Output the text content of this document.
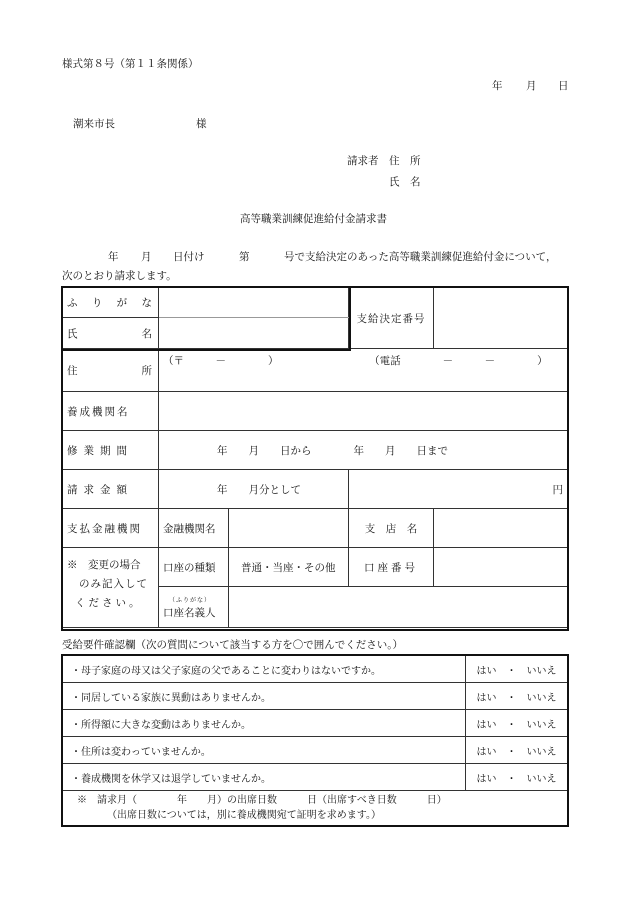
様式第８号（第１１条関係）
年 月 日
潮来市長	様
請求者 住　所
氏　名
高等職業訓練促進給付金請求書
年 月 日付け	第	号で支給決定のあった高等職業訓練促進給付金について，
次のとおり請求します。
ふ り が な			支給決定番号	

氏 名				

住 所	（〒　　　－　　　　） （電話　　　　－　　　－　　　　）			
養成機関名				
修業期間	年　　月　　日から　　　　年　　月　　日まで			
請求金額	年　　月分として		円	
支払金融機関	金融機関名		支　店　名	

※　変更の場合
のみ記入して
ください。	口座の種類	普通・当座・その他	口座番号	

	（ふりがな）
口座名義人			

受給要件確認欄（次の質問について該当する方を〇で囲んでください。）
・母子家庭の母又は父子家庭の父であることに変わりはないですか。	はい　・　いいえ
・同居している家族に異動はありませんか。	はい　・　いいえ
・所得額に大きな変動はありませんか。	はい　・　いいえ
・住所は変わっていませんか。	はい　・　いいえ
・養成機関を休学又は退学していませんか。	はい　・　いいえ

※　請求月（　　　　年　　月）の出席日数　　　日（出席すべき日数　　　日）
（出席日数については，別に養成機関宛て証明を求めます。）	
